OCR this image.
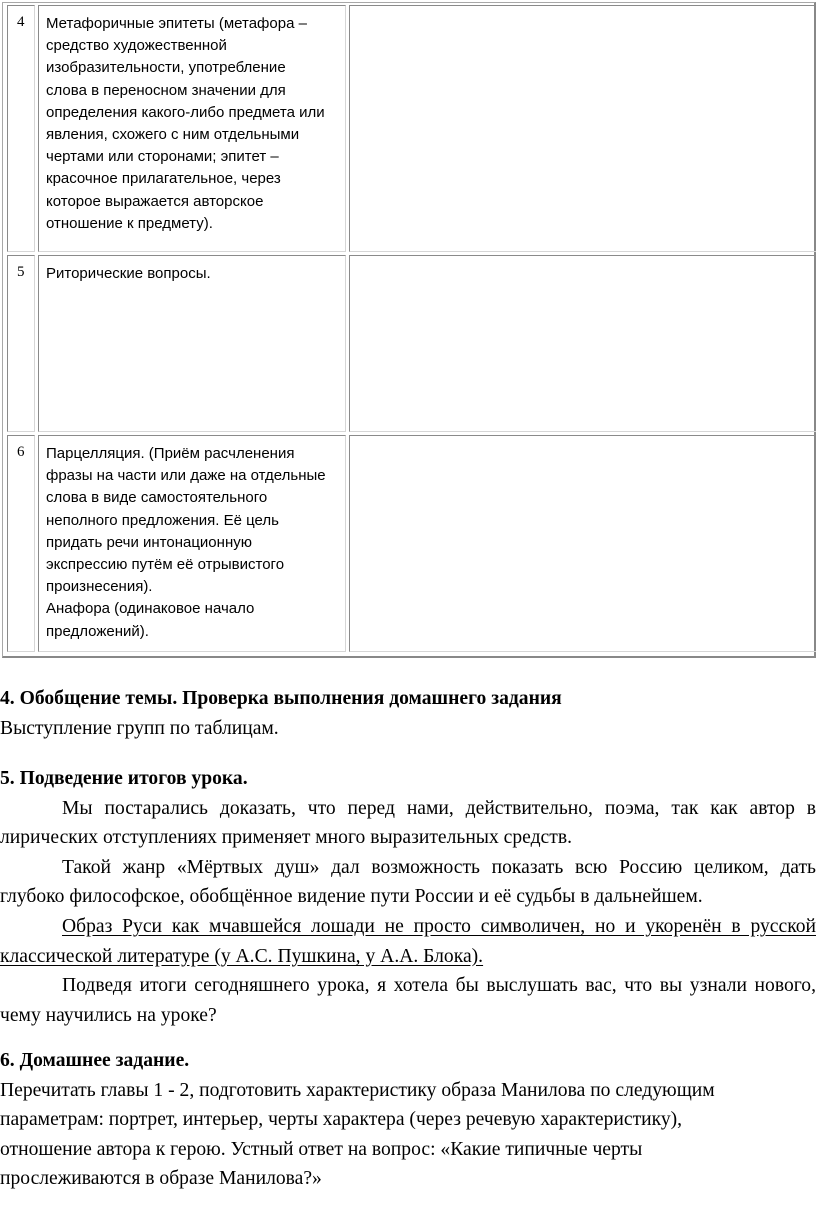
4 Метафоричные эпитеты (метафора –
средство художественной
изобразительности, употребление
слова в переносном значении для
определения какого-либо предмета или
явления, схожего с ним отдельными
чертами или сторонами; эпитет –
красочное прилагательное, через
которое выражается авторское
отношение к предмету).
5 Риторические вопросы.
6 Парцелляция. (Приём расчленения
фразы на части или даже на отдельные
слова в виде самостоятельного
неполного предложения. Её цель
придать речи интонационную
экспрессию путём её отрывистого
произнесения).
Анафора (одинаковое начало
предложений).

4. Обобщение темы. Проверка выполнения домашнего задания

Выступление групп по таблицам.

5. Подведение итогов урока.

Мы постарались доказать, что перед нами, действительно, поэма, так как автор в лирических отступлениях применяет много выразительных средств.

Такой жанр «Мёртвых душ» дал возможность показать всю Россию целиком, дать глубоко философское, обобщённое видение пути России и её судьбы в дальнейшем.

Образ Руси как мчавшейся лошади не просто символичен, но и укоренён в русской классической литературе (у А.С. Пушкина, у А.А. Блока).

Подведя итоги сегодняшнего урока, я хотела бы выслушать вас, что вы узнали нового, чему научились на уроке?

6. Домашнее задание.

Перечитать главы 1 - 2, подготовить характеристику образа Манилова по следующим

параметрам: портрет, интерьер, черты характера (через речевую характеристику),

отношение автора к герою. Устный ответ на вопрос: «Какие типичные черты

прослеживаются в образе Манилова?»
